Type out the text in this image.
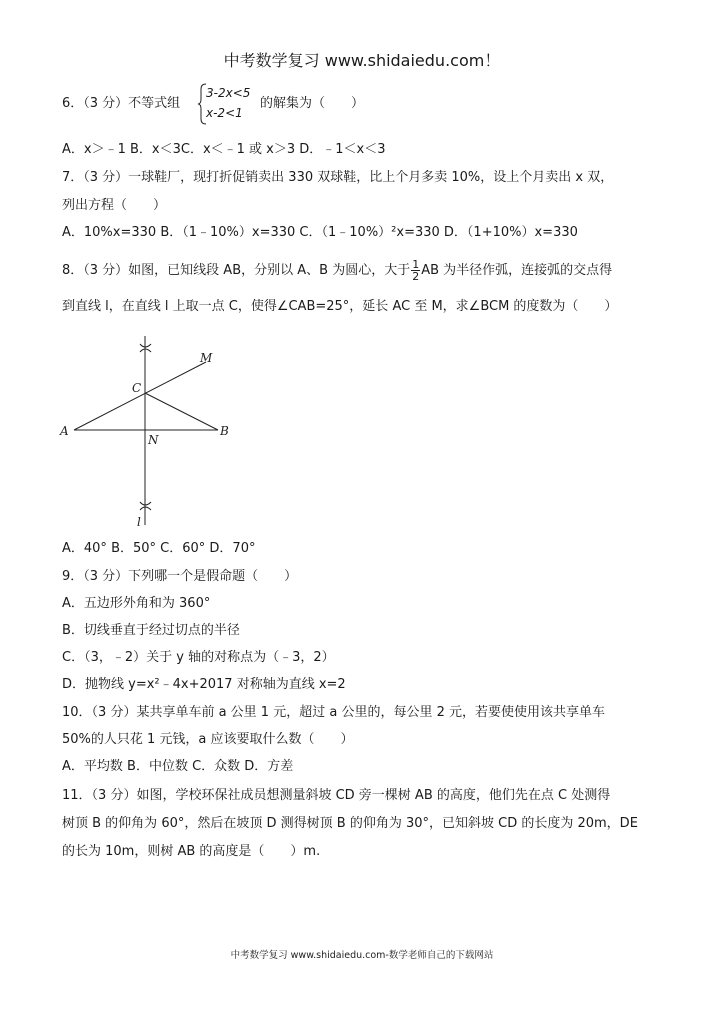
中考数学复习 www.shidaiedu.com！
6．（3 分）不等式组
3-2x<5
x-2<1
的解集为（　　）
A．x＞﹣1 B．x＜3C．x＜﹣1 或 x＞3 D．﹣1＜x＜3
7．（3 分）一球鞋厂，现打折促销卖出 330 双球鞋，比上个月多卖 10%，设上个月卖出 x 双，
列出方程（　　）
A．10%x=330 B．（1﹣10%）x=330 C．（1﹣10%）²x=330 D．（1+10%）x=330
8．（3 分）如图，已知线段 AB，分别以 A、B 为圆心，大于 $\frac{1}{2}$ AB 为半径作弧，连接弧的交点得
到直线 l，在直线 l 上取一点 C，使得∠CAB=25°，延长 AC 至 M，求∠BCM 的度数为（　　）
A	B
C
M
N
l
A．40° B．50° C．60° D．70°
9．（3 分）下列哪一个是假命题（　　）
A．五边形外角和为 360°
B．切线垂直于经过切点的半径
C．（3，﹣2）关于 y 轴的对称点为（﹣3，2）
D．抛物线 y=x²﹣4x+2017 对称轴为直线 x=2
10．（3 分）某共享单车前 a 公里 1 元，超过 a 公里的，每公里 2 元，若要使使用该共享单车
50%的人只花 1 元钱，a 应该要取什么数（　　）
A．平均数 B．中位数 C．众数 D．方差
11．（3 分）如图，学校环保社成员想测量斜坡 CD 旁一棵树 AB 的高度，他们先在点 C 处测得
树顶 B 的仰角为 60°，然后在坡顶 D 测得树顶 B 的仰角为 30°，已知斜坡 CD 的长度为 20m，DE
的长为 10m，则树 AB 的高度是（　　）m.
中考数学复习 www.shidaiedu.com-数学老师自己的下载网站
